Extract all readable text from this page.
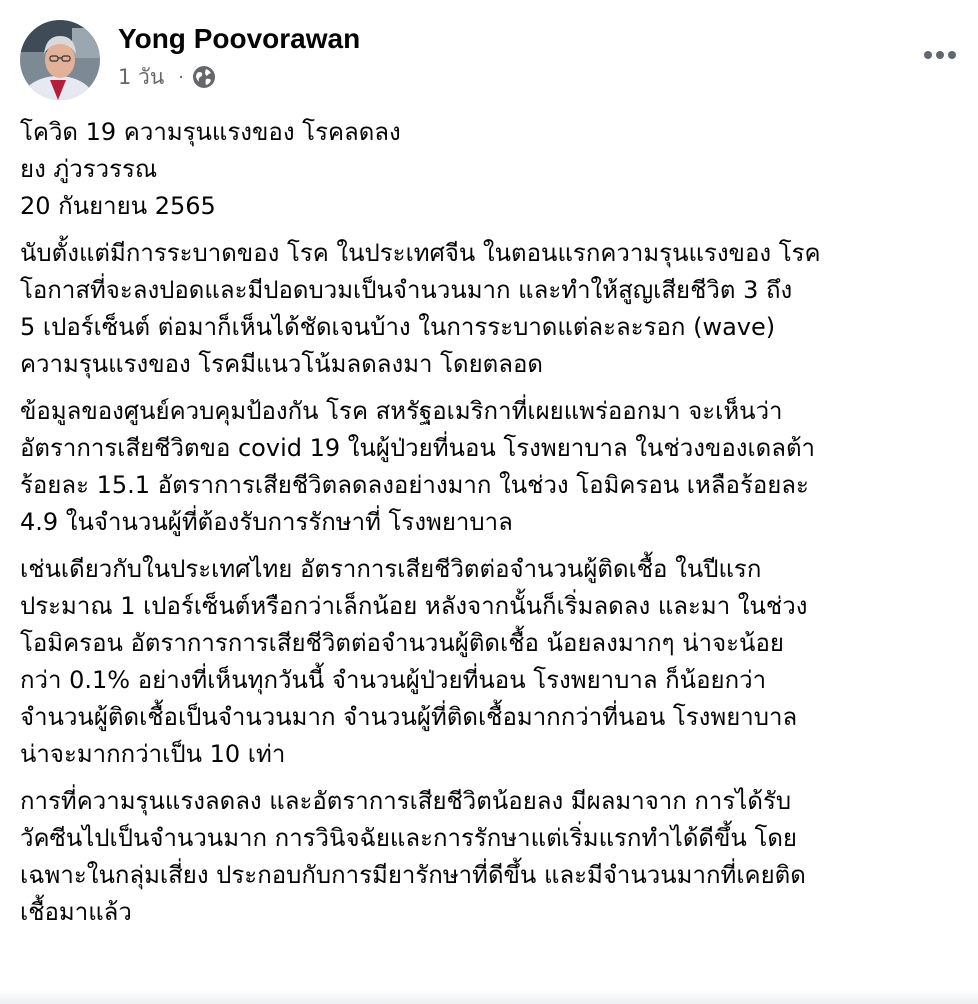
Yong Poovorawan
1 วัน ·
โควิด 19 ความรุนแรงของ โรคลดลง
ยง ภู่วรวรรณ
20 กันยายน 2565
นับตั้งแต่มีการระบาดของ โรค ในประเทศจีน ในตอนแรกความรุนแรงของ โรค
โอกาสที่จะลงปอดและมีปอดบวมเป็นจำนวนมาก และทำให้สูญเสียชีวิต 3 ถึง
5 เปอร์เซ็นต์ ต่อมาก็เห็นได้ชัดเจนบ้าง ในการระบาดแต่ละละรอก (wave)
ความรุนแรงของ โรคมีแนวโน้มลดลงมา โดยตลอด
ข้อมูลของศูนย์ควบคุมป้องกัน โรค สหรัฐอเมริกาที่เผยแพร่ออกมา จะเห็นว่า
อัตราการเสียชีวิตขอ covid 19 ในผู้ป่วยที่นอน โรงพยาบาล ในช่วงของเดลต้า
ร้อยละ 15.1 อัตราการเสียชีวิตลดลงอย่างมาก ในช่วง โอมิครอน เหลือร้อยละ
4.9 ในจำนวนผู้ที่ต้องรับการรักษาที่ โรงพยาบาล
เช่นเดียวกับในประเทศไทย อัตราการเสียชีวิตต่อจำนวนผู้ติดเชื้อ ในปีแรก
ประมาณ 1 เปอร์เซ็นต์หรือกว่าเล็กน้อย หลังจากนั้นก็เริ่มลดลง และมา ในช่วง
โอมิครอน อัตราการการเสียชีวิตต่อจำนวนผู้ติดเชื้อ น้อยลงมากๆ น่าจะน้อย
กว่า 0.1% อย่างที่เห็นทุกวันนี้ จำนวนผู้ป่วยที่นอน โรงพยาบาล ก็น้อยกว่า
จำนวนผู้ติดเชื้อเป็นจำนวนมาก จำนวนผู้ที่ติดเชื้อมากกว่าที่นอน โรงพยาบาล
น่าจะมากกว่าเป็น 10 เท่า
การที่ความรุนแรงลดลง และอัตราการเสียชีวิตน้อยลง มีผลมาจาก การได้รับ
วัคซีนไปเป็นจำนวนมาก การวินิจฉัยและการรักษาแต่เริ่มแรกทำได้ดีขึ้น โดย
เฉพาะในกลุ่มเสี่ยง ประกอบกับการมียารักษาที่ดีขึ้น และมีจำนวนมากที่เคยติด
เชื้อมาแล้ว
